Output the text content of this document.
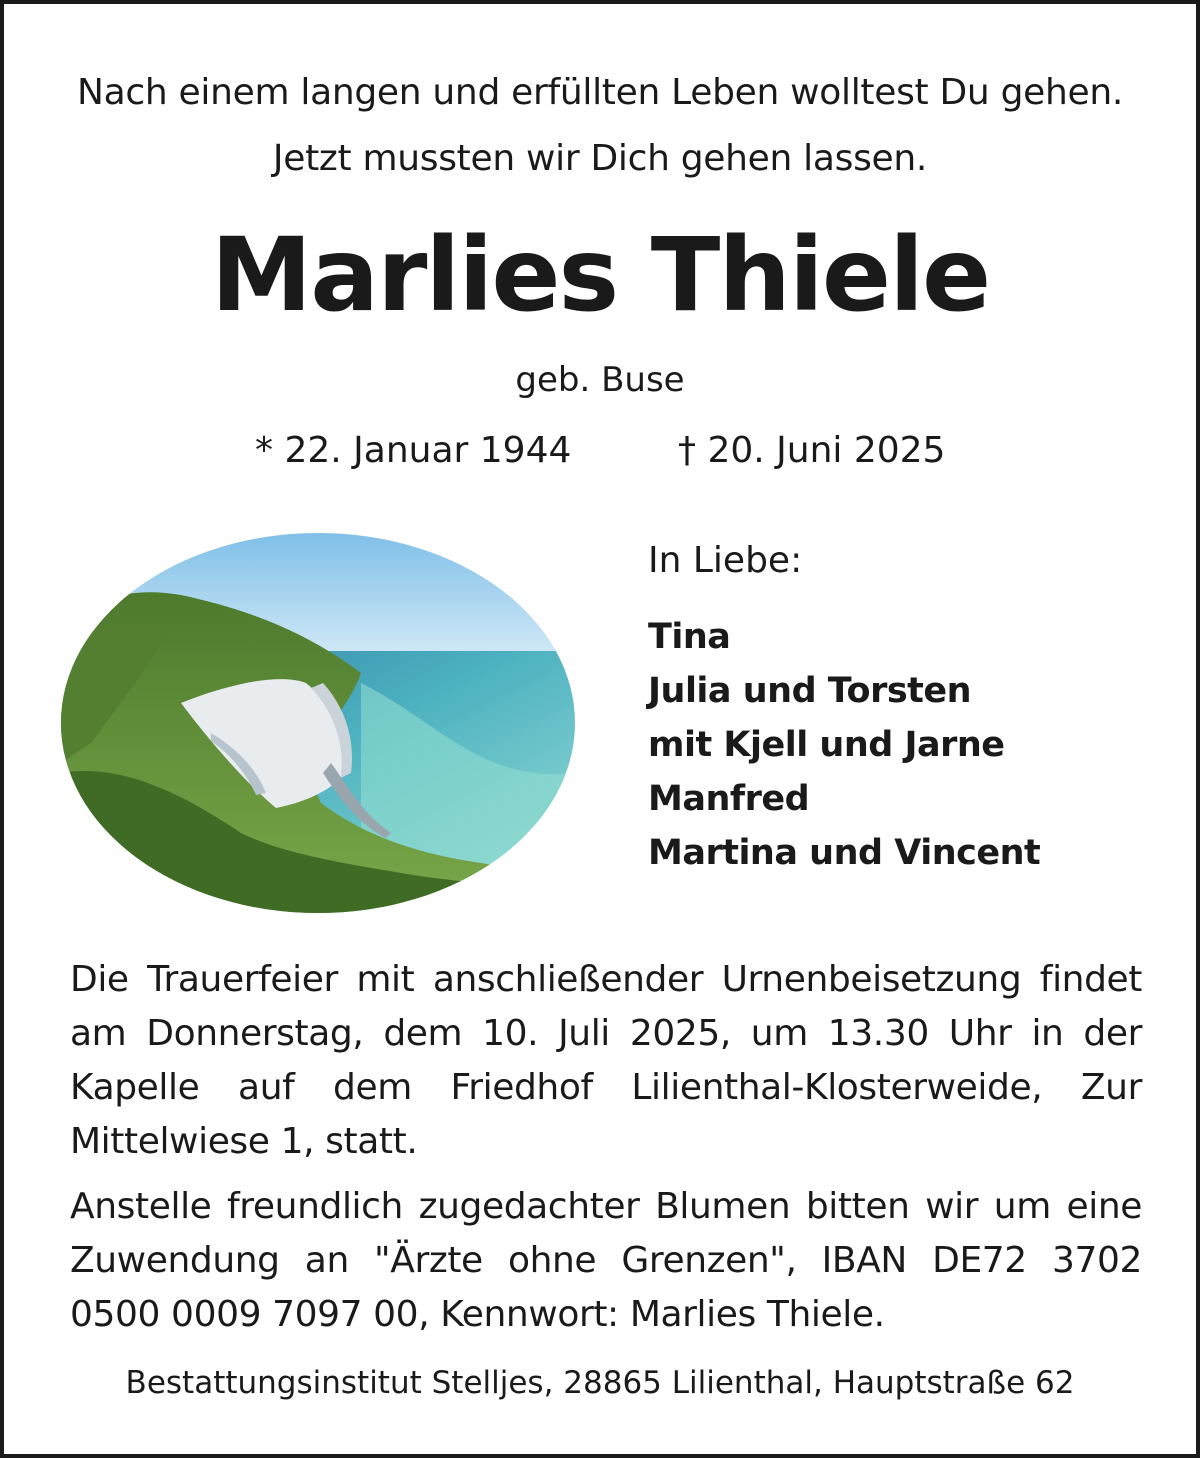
Nach einem langen und erfüllten Leben wolltest Du gehen.
Jetzt mussten wir Dich gehen lassen.
Marlies Thiele
geb. Buse
* 22. Januar 1944	† 20. Juni 2025
In Liebe:
Tina
Julia und Torsten
mit Kjell und Jarne
Manfred
Martina und Vincent

Die Trauerfeier mit anschließender Urnenbeisetzung findet am Donnerstag, dem 10. Juli 2025, um 13.30 Uhr in der Kapelle auf dem Friedhof Lilienthal-Klosterweide, Zur Mittelwiese 1, statt.

Anstelle freundlich zugedachter Blumen bitten wir um eine Zuwendung an "Ärzte ohne Grenzen", IBAN DE72 3702 0500 0009 7097 00, Kennwort: Marlies Thiele.

Bestattungsinstitut Stelljes, 28865 Lilienthal, Hauptstraße 62
